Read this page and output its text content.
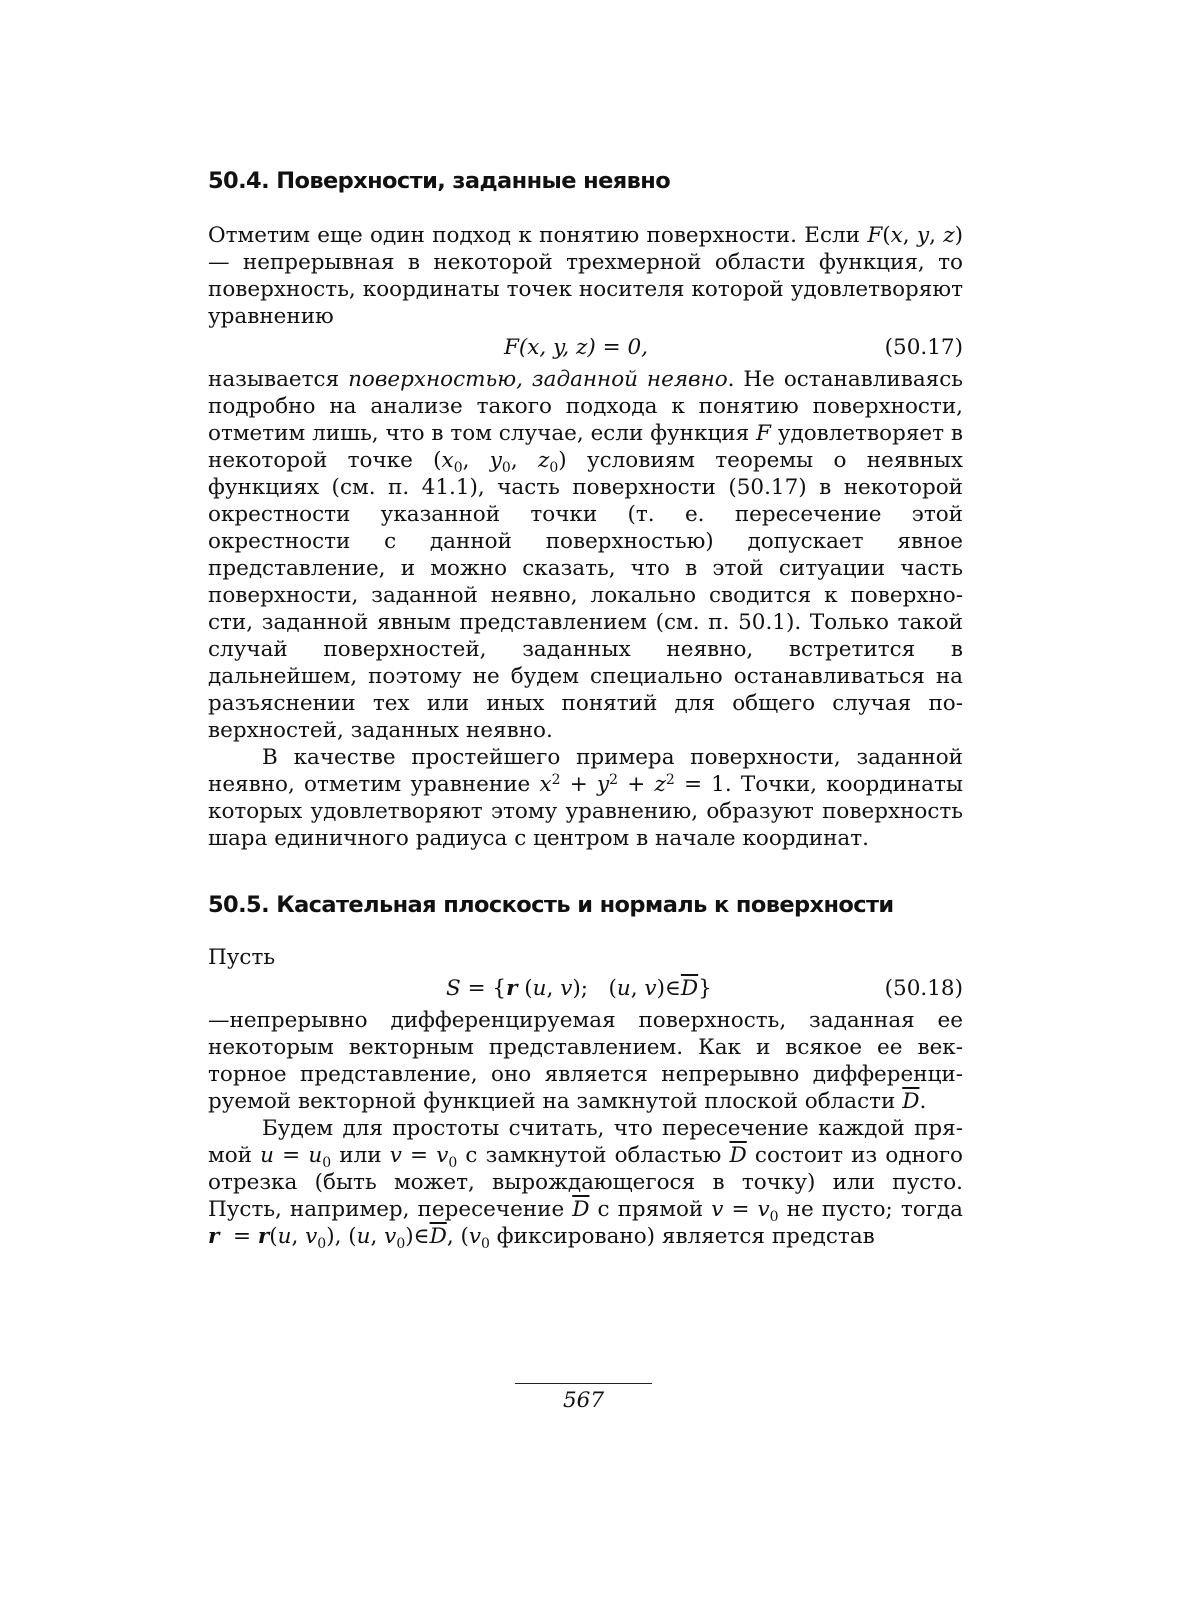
50.4. Поверхности, заданные неявно

Отметим еще один подход к понятию поверхности. Если F(x, y, z) — непрерывная в некоторой трехмерной области функция, то поверхность, координаты точек носителя которой удовлетворяют уравнению

F(x, y, z) = 0,	(50.17)

называется поверхностью, заданной неявно. Не останавливаясь подробно на анализе такого подхода к понятию поверхности, отметим лишь, что в том случае, если функция F удовлетворяет в некоторой точке ($x_0$, $y_0$, $z_0$) условиям теоремы о неявных функциях (см. п. 41.1), часть поверхности (50.17) в некоторой окрестности указанной точки (т. е. пересечение этой окрестности с данной поверхностью) допускает явное представление, и можно сказать, что в этой ситуации часть поверхности, заданной неявно, локально сводится к поверхности, заданной явным представлением (см. п. 50.1). Только такой случай поверхностей, заданных неявно, встретится в дальнейшем, поэтому не будем специально останавливаться на разъяснении тех или иных понятий для общего случая поверхностей, заданных неявно.

В качестве простейшего примера поверхности, заданной неявно, отметим уравнение $x^2 + y^2 + z^2 = 1$. Точки, координаты которых удовлетворяют этому уравнению, образуют поверхность шара единичного радиуса с центром в начале координат.

50.5. Касательная плоскость и нормаль к поверхности

Пусть

S = {r (u, v);   (u, $v)\in\overline{D}$}	(50.18)

—непрерывно дифференцируемая поверхность, заданная ее некоторым векторным представлением. Как и всякое ее векторное представление, оно является непрерывно дифференцируемой векторной функцией на замкнутой плоской области $\overline{D}$.

Будем для простоты считать, что пересечение каждой прямой $u = u_0$ или $v = v_0$ с замкнутой областью $\overline{D}$ состоит из одного отрезка (быть может, вырождающегося в точку) или пусто. Пусть, например, пересечение $\overline{D}$ с прямой $v = v_0$ не пусто; тогда r  = r(u, $v_0$), (u, $v_0)\in\overline{D}$, ($v_0$ фиксировано) является представ

567
